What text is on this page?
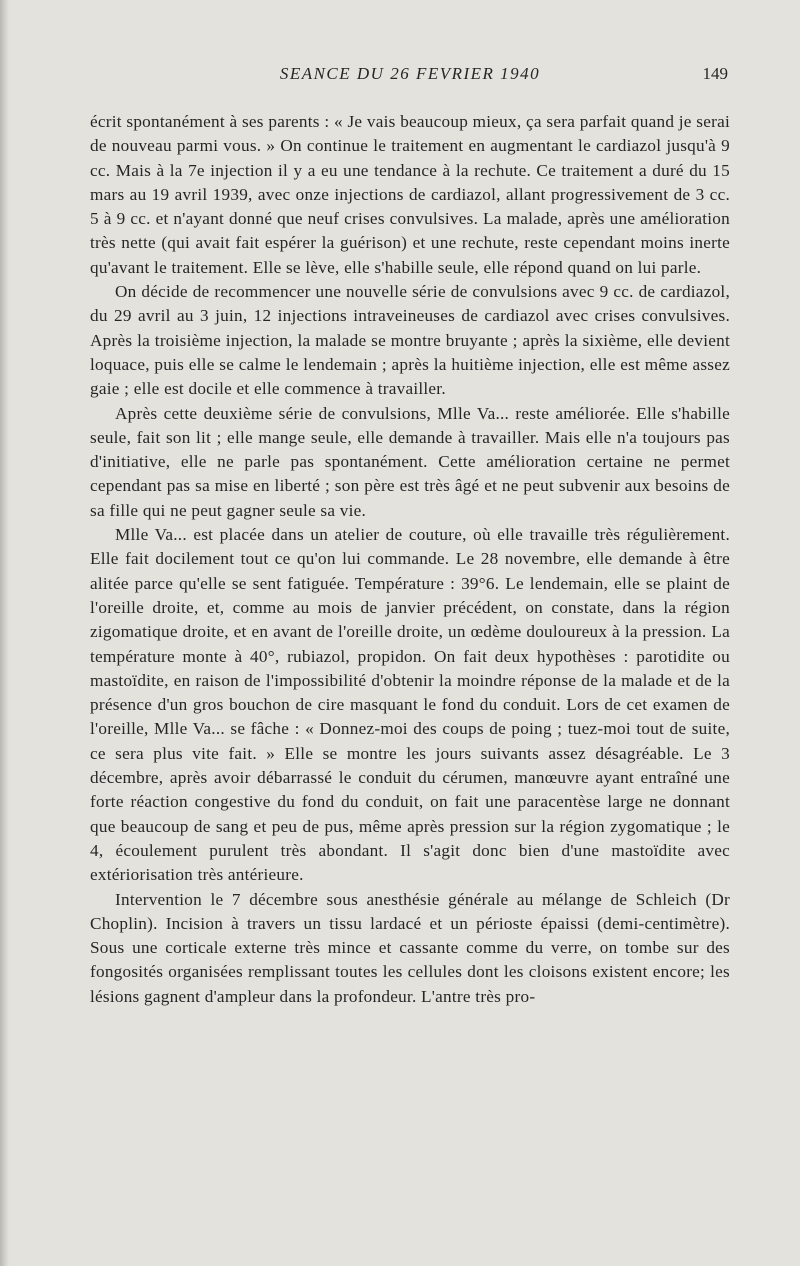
SEANCE DU 26 FEVRIER 1940	149

écrit spontanément à ses parents : « Je vais beaucoup mieux, ça sera parfait quand je serai de nouveau parmi vous. » On continue le traitement en augmentant le cardiazol jusqu'à 9 cc. Mais à la 7e injection il y a eu une tendance à la rechute. Ce traitement a duré du 15 mars au 19 avril 1939, avec onze injections de cardiazol, allant progressivement de 3 cc. 5 à 9 cc. et n'ayant donné que neuf crises convulsives. La malade, après une amélioration très nette (qui avait fait espérer la guérison) et une rechute, reste cependant moins inerte qu'avant le traitement. Elle se lève, elle s'habille seule, elle répond quand on lui parle.

On décide de recommencer une nouvelle série de convulsions avec 9 cc. de cardiazol, du 29 avril au 3 juin, 12 injections intraveineuses de cardiazol avec crises convulsives. Après la troisième injection, la malade se montre bruyante ; après la sixième, elle devient loquace, puis elle se calme le lendemain ; après la huitième injection, elle est même assez gaie ; elle est docile et elle commence à travailler.

Après cette deuxième série de convulsions, Mlle Va... reste améliorée. Elle s'habille seule, fait son lit ; elle mange seule, elle demande à travailler. Mais elle n'a toujours pas d'initiative, elle ne parle pas spontanément. Cette amélioration certaine ne permet cependant pas sa mise en liberté ; son père est très âgé et ne peut subvenir aux besoins de sa fille qui ne peut gagner seule sa vie.

Mlle Va... est placée dans un atelier de couture, où elle travaille très régulièrement. Elle fait docilement tout ce qu'on lui commande. Le 28 novembre, elle demande à être alitée parce qu'elle se sent fatiguée. Température : 39°6. Le lendemain, elle se plaint de l'oreille droite, et, comme au mois de janvier précédent, on constate, dans la région zigomatique droite, et en avant de l'oreille droite, un œdème douloureux à la pression. La température monte à 40°, rubiazol, propidon. On fait deux hypothèses : parotidite ou mastoïdite, en raison de l'impossibilité d'obtenir la moindre réponse de la malade et de la présence d'un gros bouchon de cire masquant le fond du conduit. Lors de cet examen de l'oreille, Mlle Va... se fâche : « Donnez-moi des coups de poing ; tuez-moi tout de suite, ce sera plus vite fait. » Elle se montre les jours suivants assez désagréable. Le 3 décembre, après avoir débarrassé le conduit du cérumen, manœuvre ayant entraîné une forte réaction congestive du fond du conduit, on fait une paracentèse large ne donnant que beaucoup de sang et peu de pus, même après pression sur la région zygomatique ; le 4, écoulement purulent très abondant. Il s'agit donc bien d'une mastoïdite avec extériorisation très antérieure.

Intervention le 7 décembre sous anesthésie générale au mélange de Schleich (Dr Choplin). Incision à travers un tissu lardacé et un périoste épaissi (demi-centimètre). Sous une corticale externe très mince et cassante comme du verre, on tombe sur des fongosités organisées remplissant toutes les cellules dont les cloisons existent encore; les lésions gagnent d'ampleur dans la profondeur. L'antre très pro-
